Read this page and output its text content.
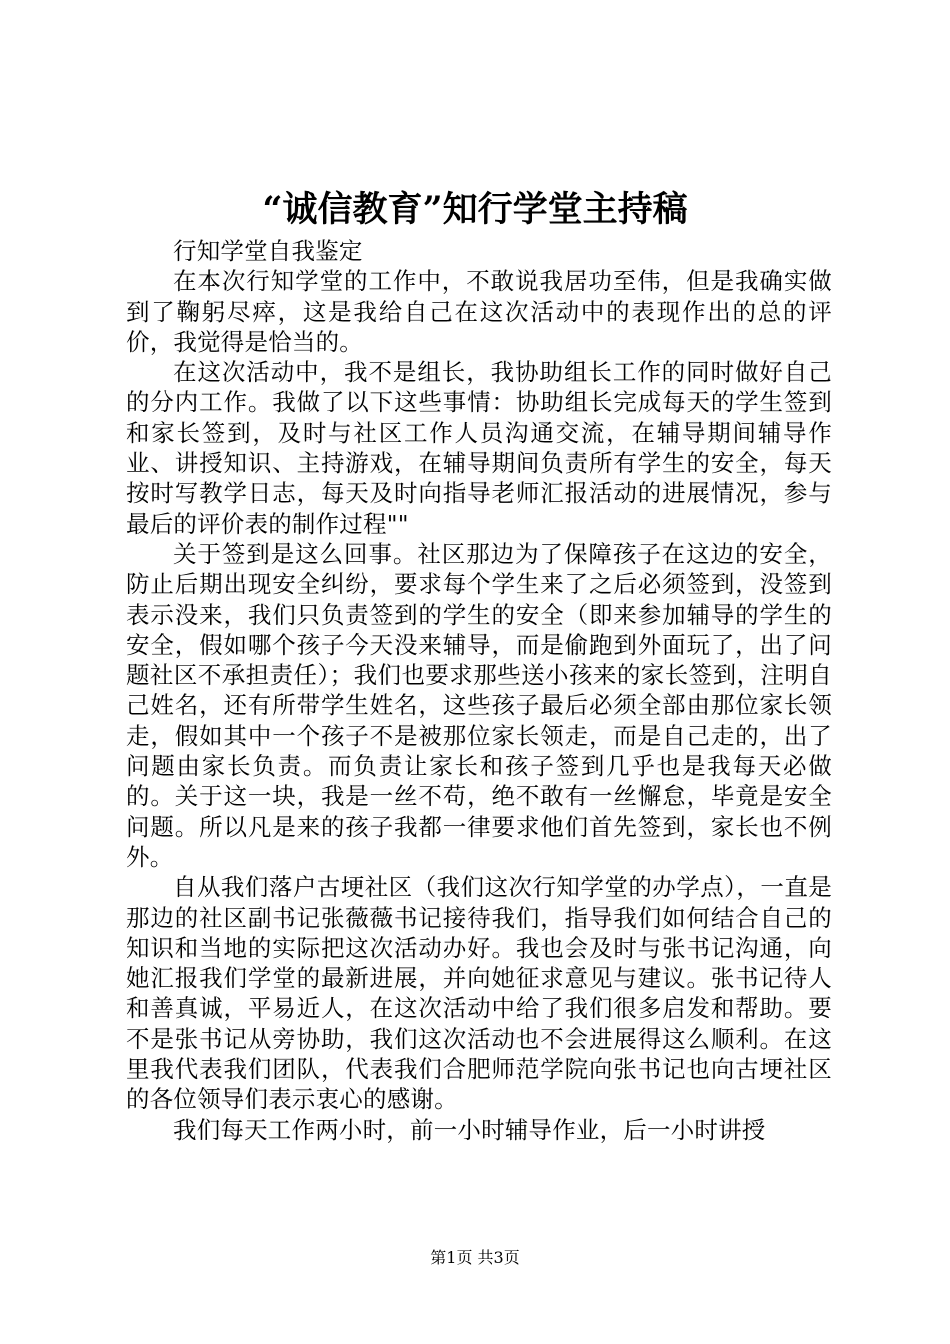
“诚信教育”知行学堂主持稿

行知学堂自我鉴定

在本次行知学堂的工作中，不敢说我居功至伟，但是我确实做到了鞠躬尽瘁，这是我给自己在这次活动中的表现作出的总的评价，我觉得是恰当的。

在这次活动中，我不是组长，我协助组长工作的同时做好自己的分内工作。我做了以下这些事情：协助组长完成每天的学生签到和家长签到，及时与社区工作人员沟通交流，在辅导期间辅导作业、讲授知识、主持游戏，在辅导期间负责所有学生的安全，每天按时写教学日志，每天及时向指导老师汇报活动的进展情况，参与最后的评价表的制作过程""

关于签到是这么回事。社区那边为了保障孩子在这边的安全，防止后期出现安全纠纷，要求每个学生来了之后必须签到，没签到表示没来，我们只负责签到的学生的安全（即来参加辅导的学生的安全，假如哪个孩子今天没来辅导，而是偷跑到外面玩了，出了问题社区不承担责任）；我们也要求那些送小孩来的家长签到，注明自己姓名，还有所带学生姓名，这些孩子最后必须全部由那位家长领走，假如其中一个孩子不是被那位家长领走，而是自己走的，出了问题由家长负责。而负责让家长和孩子签到几乎也是我每天必做的。关于这一块，我是一丝不苟，绝不敢有一丝懈怠，毕竟是安全问题。所以凡是来的孩子我都一律要求他们首先签到，家长也不例外。

自从我们落户古埂社区（我们这次行知学堂的办学点），一直是那边的社区副书记张薇薇书记接待我们，指导我们如何结合自己的知识和当地的实际把这次活动办好。我也会及时与张书记沟通，向她汇报我们学堂的最新进展，并向她征求意见与建议。张书记待人和善真诚，平易近人，在这次活动中给了我们很多启发和帮助。要不是张书记从旁协助，我们这次活动也不会进展得这么顺利。在这里我代表我们团队，代表我们合肥师范学院向张书记也向古埂社区的各位领导们表示衷心的感谢。

我们每天工作两小时，前一小时辅导作业，后一小时讲授

第1页 共3页
